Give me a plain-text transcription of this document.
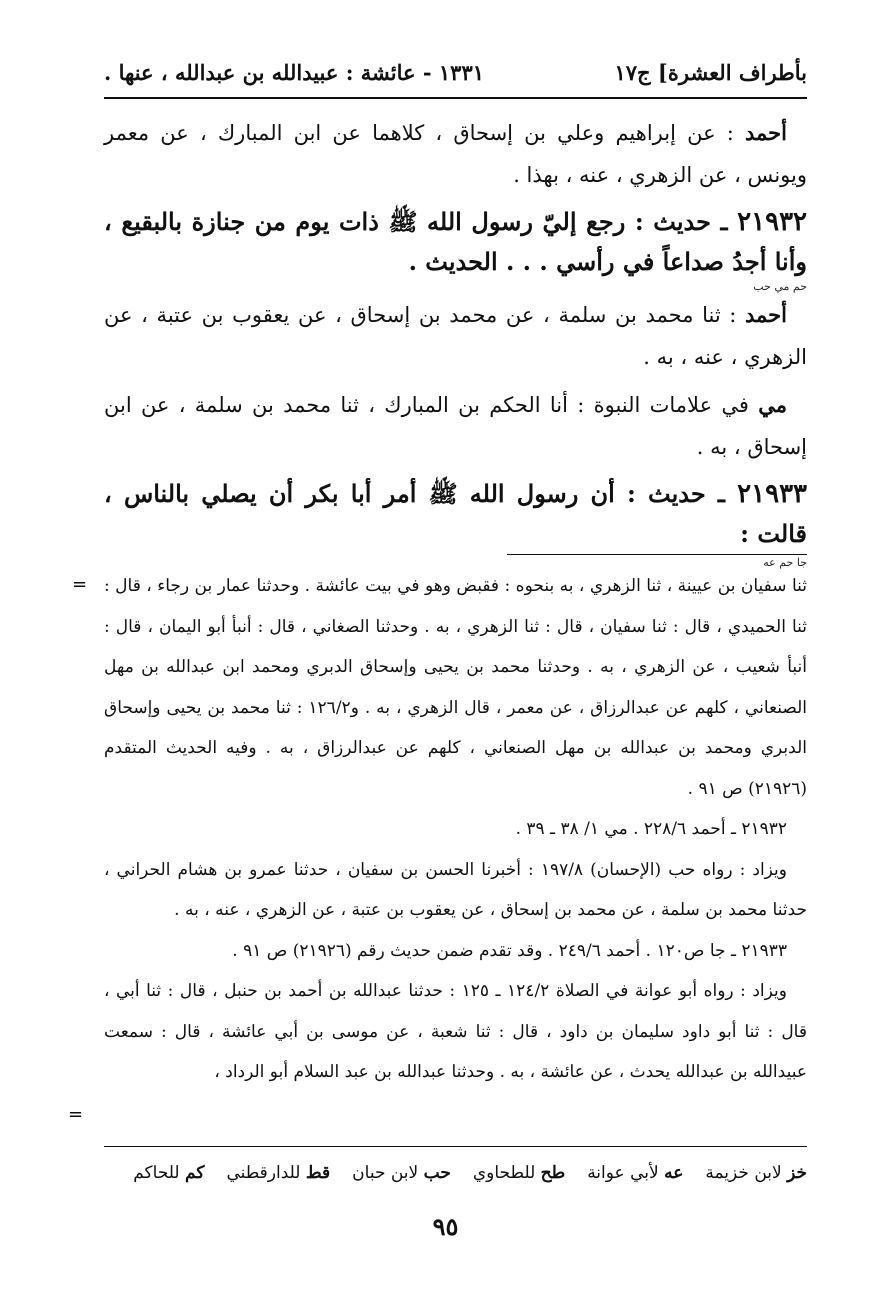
بأطراف العشرة] ج١٧
١٣٣١ - عائشة : عبيدالله بن عبدالله ، عنها .

أحمد : عن إبراهيم وعلي بن إسحاق ، كلاهما عن ابن المبارك ، عن معمر ويونس ، عن الزهري ، عنه ، بهذا .

٢١٩٣٢ ـ حديث : رجع إليّ رسول الله ﷺ ذات يوم من جنازة بالبقيع ، وأنا أجدُ صداعاً في رأسي . . . الحديث .

حم مي حب

أحمد : ثنا محمد بن سلمة ، عن محمد بن إسحاق ، عن يعقوب بن عتبة ، عن الزهري ، عنه ، به .

مي في علامات النبوة : أنا الحكم بن المبارك ، ثنا محمد بن سلمة ، عن ابن إسحاق ، به .

٢١٩٣٣ ـ حديث : أن رسول الله ﷺ أمر أبا بكر أن يصلي بالناس ، قالت :

جا حم عه

ثنا سفيان بن عيينة ، ثنا الزهري ، به بنحوه : فقبض وهو في بيت عائشة . وحدثنا عمار بن رجاء ، قال : ثنا الحميدي ، قال : ثنا سفيان ، قال : ثنا الزهري ، به . وحدثنا الصغاني ، قال : أنبأ أبو اليمان ، قال : أنبأ شعيب ، عن الزهري ، به . وحدثنا محمد بن يحيى وإسحاق الدبري ومحمد ابن عبدالله بن مهل الصنعاني ، كلهم عن عبدالرزاق ، عن معمر ، قال الزهري ، به . و١٢٦/٢ : ثنا محمد بن يحيى وإسحاق الدبري ومحمد بن عبدالله بن مهل الصنعاني ، كلهم عن عبدالرزاق ، به . وفيه الحديث المتقدم (٢١٩٢٦) ص ٩١ .

٢١٩٣٢ ـ أحمد ٢٢٨/٦ . مي ١/ ٣٨ ـ ٣٩ .

ويزاد : رواه حب (الإحسان) ١٩٧/٨ : أخبرنا الحسن بن سفيان ، حدثنا عمرو بن هشام الحراني ، حدثنا محمد بن سلمة ، عن محمد بن إسحاق ، عن يعقوب بن عتبة ، عن الزهري ، عنه ، به .

٢١٩٣٣ ـ جا ص١٢٠ . أحمد ٢٤٩/٦ . وقد تقدم ضمن حديث رقم (٢١٩٢٦) ص ٩١ .

ويزاد : رواه أبو عوانة في الصلاة ١٢٤/٢ ـ ١٢٥ : حدثنا عبدالله بن أحمد بن حنبل ، قال : ثنا أبي ، قال : ثنا أبو داود سليمان بن داود ، قال : ثنا شعبة ، عن موسى بن أبي عائشة ، قال : سمعت عبيدالله بن عبدالله يحدث ، عن عائشة ، به . وحدثنا عبدالله بن عبد السلام أبو الرداد ،

=
=
خز لابن خزيمة
عه لأبي عوانة
طح للطحاوي
حب لابن حبان
قط للدارقطني
كم للحاكم
٩٥
